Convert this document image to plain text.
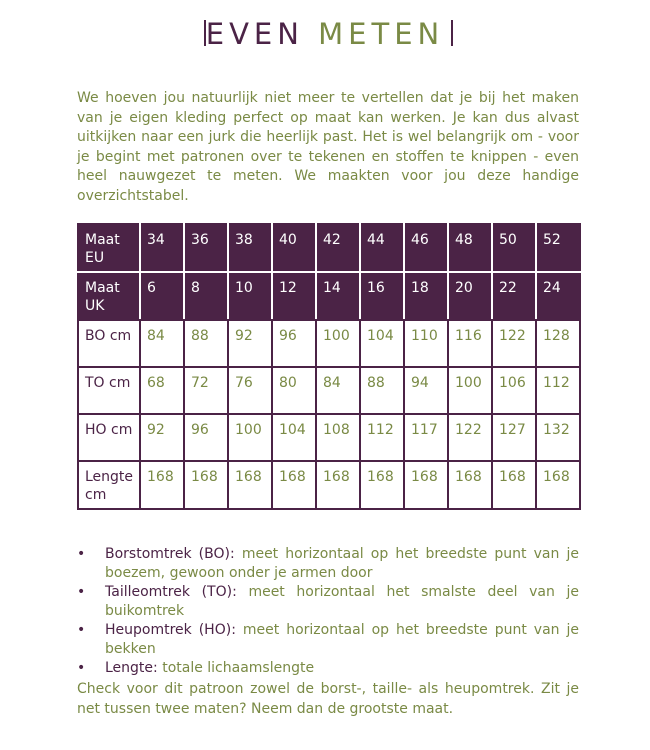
EVEN METEN

We hoeven jou natuurlijk niet meer te vertellen dat je bij het maken van je eigen kleding perfect op maat kan werken. Je kan dus alvast uitkijken naar een jurk die heerlijk past. Het is wel belangrijk om - voor je begint met patronen over te tekenen en stoffen te knippen - even heel nauwgezet te meten. We maakten voor jou deze handige overzichtstabel.

Maat EU	34	36	38	40	42	44	46	48	50	52
Maat UK	6	8	10	12	14	16	18	20	22	24
BO cm	84	88	92	96	100	104	110	116	122	128
TO cm	68	72	76	80	84	88	94	100	106	112
HO cm	92	96	100	104	108	112	117	122	127	132
Lengte cm	168	168	168	168	168	168	168	168	168	168
• Borstomtrek (BO): meet horizontaal op het breedste punt van je boezem, gewoon onder je armen door
• Tailleomtrek (TO): meet horizontaal het smalste deel van je buikomtrek
• Heupomtrek (HO): meet horizontaal op het breedste punt van je bekken
• Lengte: totale lichaamslengte

Check voor dit patroon zowel de borst-, taille- als heupomtrek. Zit je net tussen twee maten? Neem dan de grootste maat.
